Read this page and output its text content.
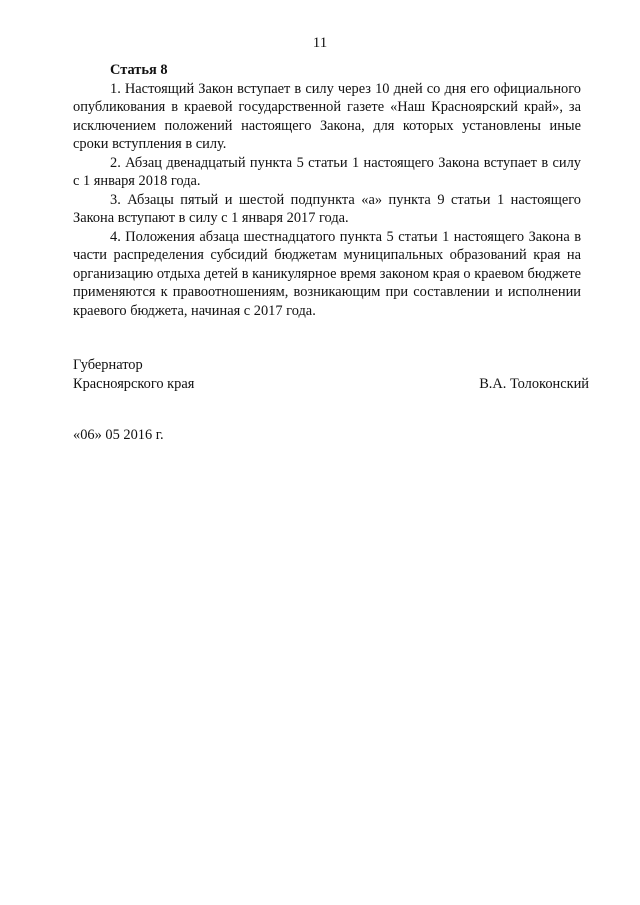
11

Статья 8

1. Настоящий Закон вступает в силу через 10 дней со дня его официального опубликования в краевой государственной газете «Наш Красноярский край», за исключением положений настоящего Закона, для которых установлены иные сроки вступления в силу.

2. Абзац двенадцатый пункта 5 статьи 1 настоящего Закона вступает в силу с 1 января 2018 года.

3. Абзацы пятый и шестой подпункта «а» пункта 9 статьи 1 настоящего Закона вступают в силу с 1 января 2017 года.

4. Положения абзаца шестнадцатого пункта 5 статьи 1 настоящего Закона в части распределения субсидий бюджетам муниципальных образований края на организацию отдыха детей в каникулярное время законом края о краевом бюджете применяются к правоотношениям, возникающим при составлении и исполнении краевого бюджета, начиная с 2017 года.

Губернатор
Красноярского края	В.А. Толоконский
«06» 05 2016 г.
